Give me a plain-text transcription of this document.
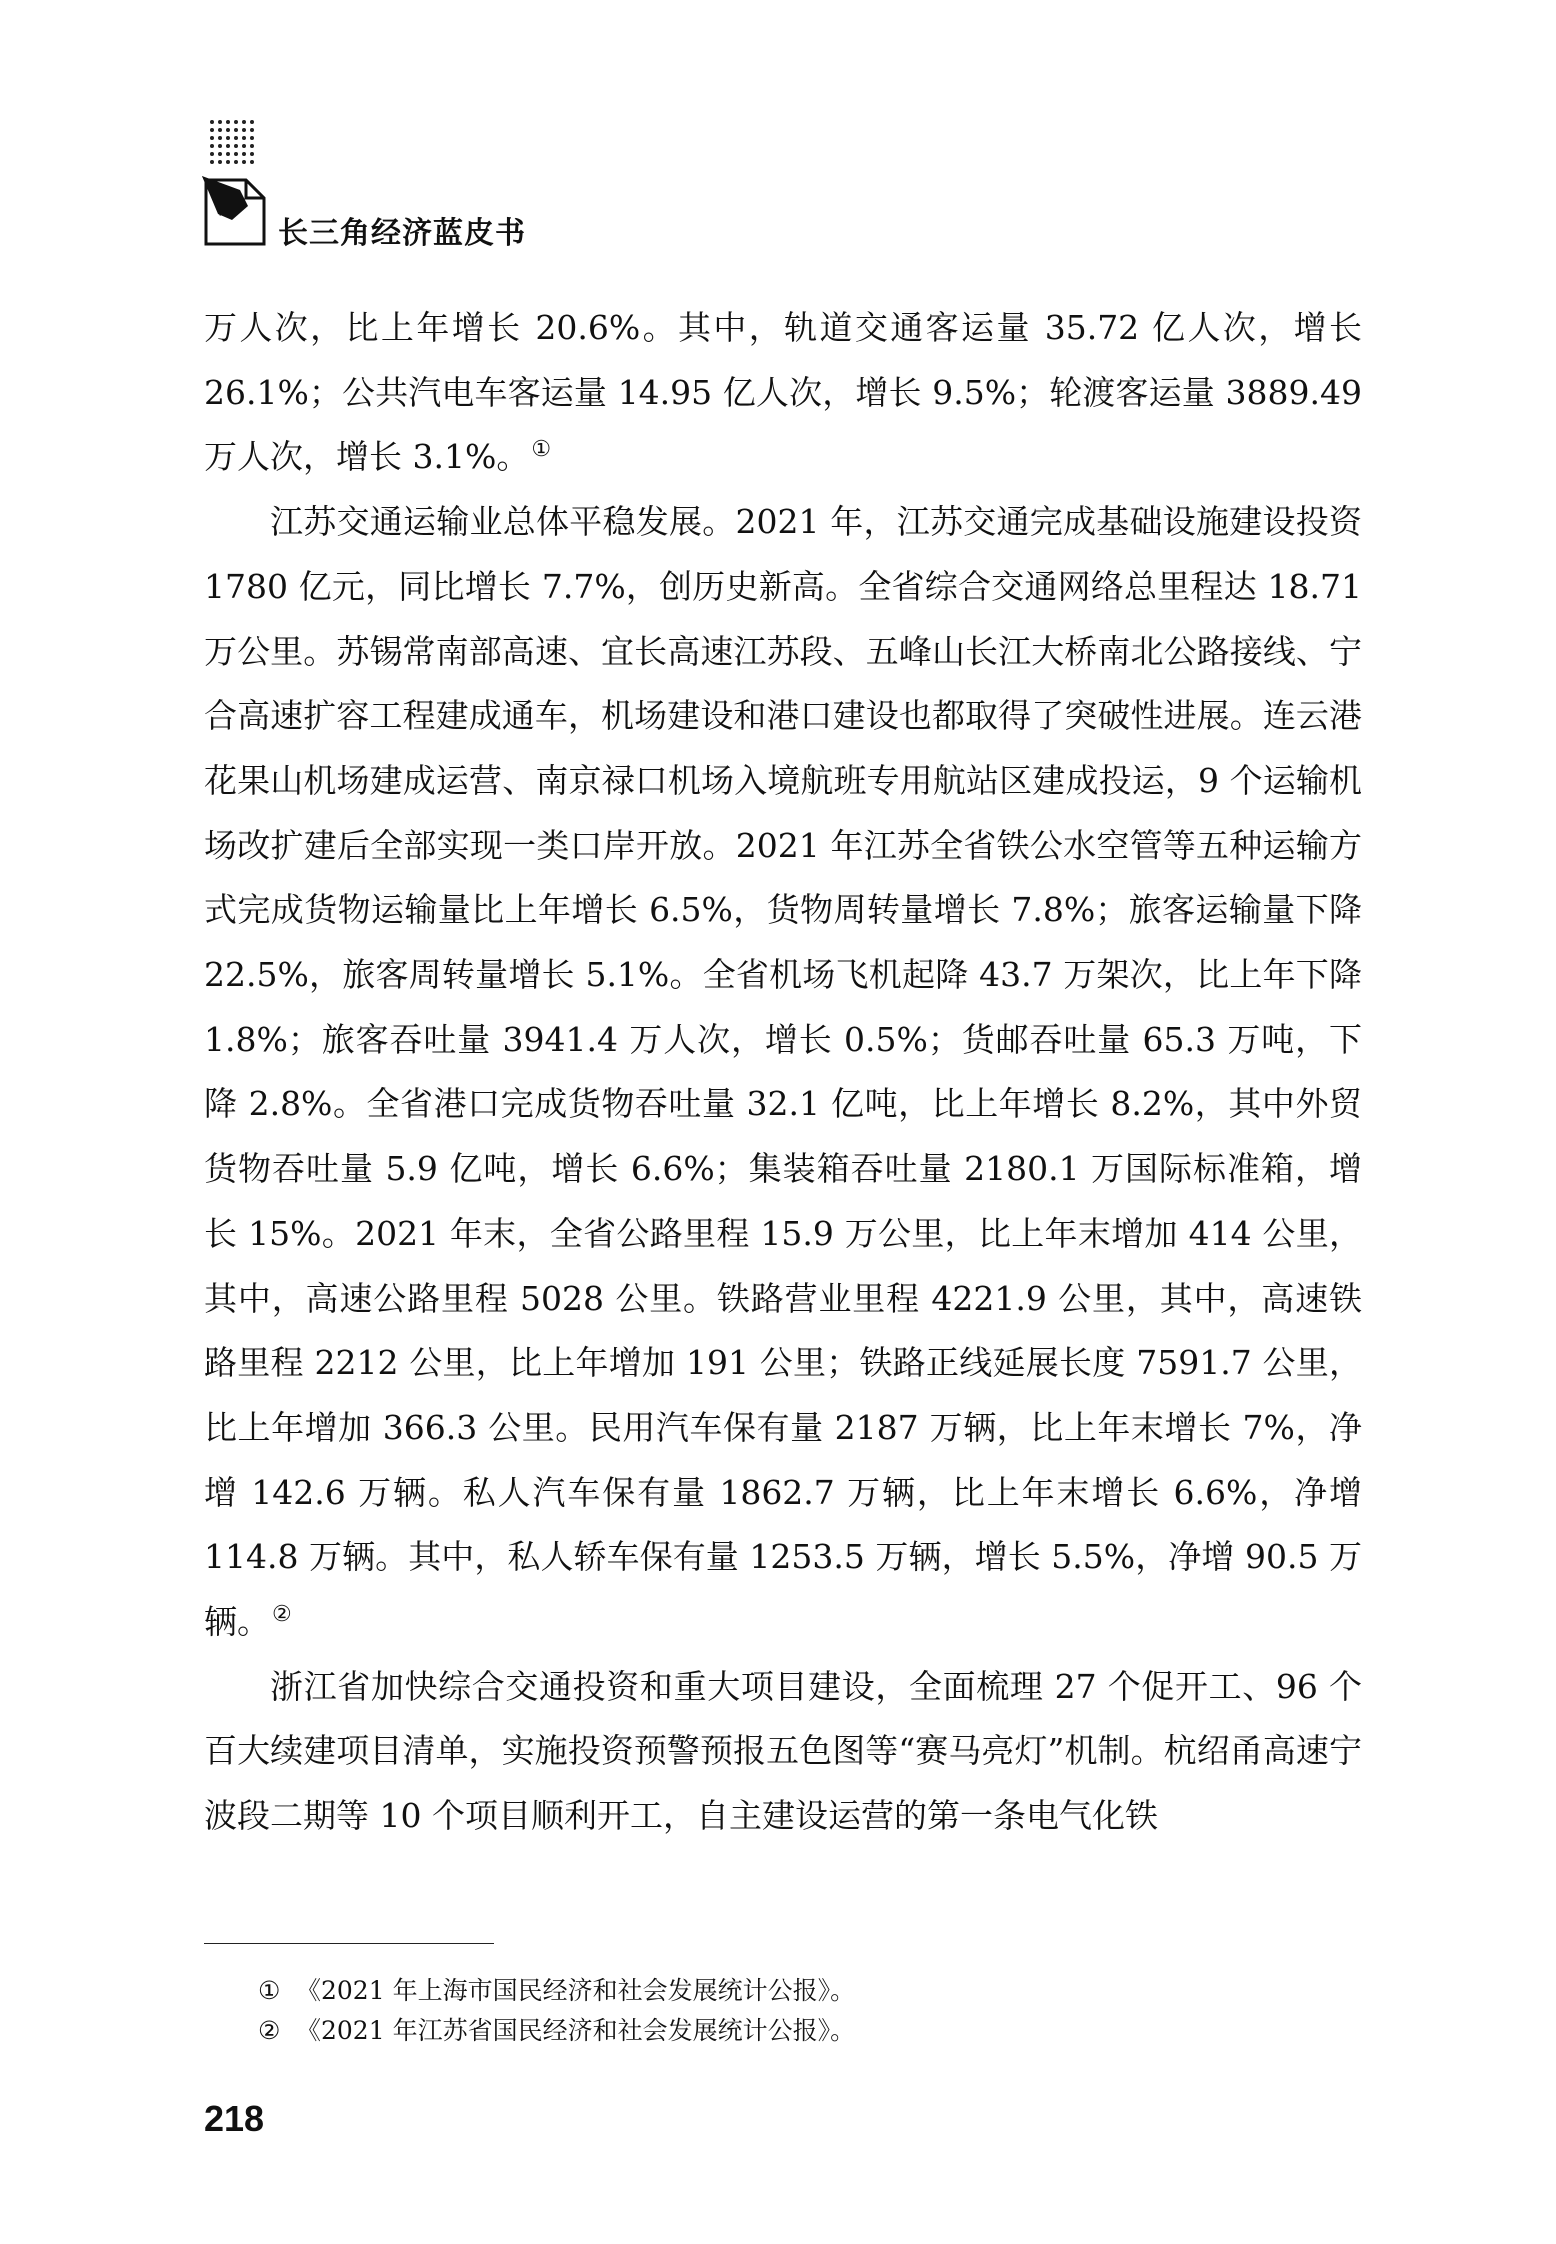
长三角经济蓝皮书

万人次，比上年增长 20.6%。其中，轨道交通客运量 35.72 亿人次，增长 26.1%；公共汽电车客运量 14.95 亿人次，增长 9.5%；轮渡客运量 3889.49 万人次，增长 3.1%。①

江苏交通运输业总体平稳发展。2021 年，江苏交通完成基础设施建设投资 1780 亿元，同比增长 7.7%，创历史新高。全省综合交通网络总里程达 18.71 万公里。苏锡常南部高速、宜长高速江苏段、五峰山长江大桥南北公路接线、宁合高速扩容工程建成通车，机场建设和港口建设也都取得了突破性进展。连云港花果山机场建成运营、南京禄口机场入境航班专用航站区建成投运，9 个运输机场改扩建后全部实现一类口岸开放。2021 年江苏全省铁公水空管等五种运输方式完成货物运输量比上年增长 6.5%，货物周转量增长 7.8%；旅客运输量下降 22.5%，旅客周转量增长 5.1%。全省机场飞机起降 43.7 万架次，比上年下降 1.8%；旅客吞吐量 3941.4 万人次，增长 0.5%；货邮吞吐量 65.3 万吨，下降 2.8%。全省港口完成货物吞吐量 32.1 亿吨，比上年增长 8.2%，其中外贸货物吞吐量 5.9 亿吨，增长 6.6%；集装箱吞吐量 2180.1 万国际标准箱，增长 15%。2021 年末，全省公路里程 15.9 万公里，比上年末增加 414 公里，其中，高速公路里程 5028 公里。铁路营业里程 4221.9 公里，其中，高速铁路里程 2212 公里，比上年增加 191 公里；铁路正线延展长度 7591.7 公里，比上年增加 366.3 公里。民用汽车保有量 2187 万辆，比上年末增长 7%，净增 142.6 万辆。私人汽车保有量 1862.7 万辆，比上年末增长 6.6%，净增 114.8 万辆。其中，私人轿车保有量 1253.5 万辆，增长 5.5%，净增 90.5 万辆。②

浙江省加快综合交通投资和重大项目建设，全面梳理 27 个促开工、96 个百大续建项目清单，实施投资预警预报五色图等“赛马亮灯”机制。杭绍甬高速宁波段二期等 10 个项目顺利开工，自主建设运营的第一条电气化铁

① 《2021 年上海市国民经济和社会发展统计公报》。
② 《2021 年江苏省国民经济和社会发展统计公报》。
218
